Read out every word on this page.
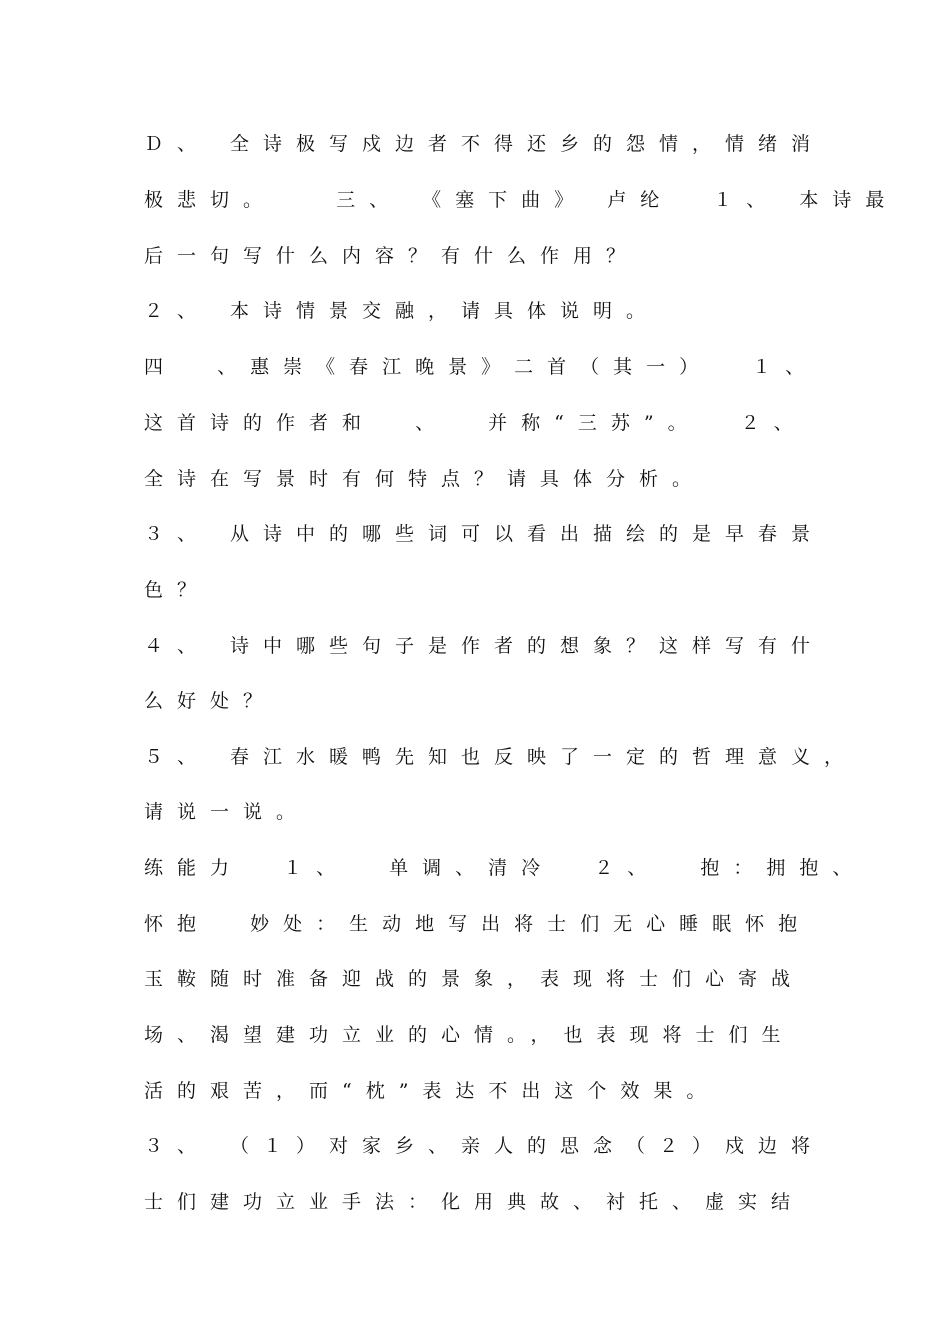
Ｄ、 全诗极写戍边者不得还乡的怨情，情绪消

极悲切。   三、 《塞下曲》 卢纶  １、 本诗最

后一句写什么内容？有什么作用？

２、 本诗情景交融，请具体说明。

四  、惠崇《春江晚景》二首（其一）  １、

这首诗的作者和  、  并称“三苏”。  ２、

全诗在写景时有何特点？请具体分析。

３、 从诗中的哪些词可以看出描绘的是早春景

色？

４、 诗中哪些句子是作者的想象？这样写有什

么好处？

５、 春江水暖鸭先知也反映了一定的哲理意义，

请说一说。

练能力  １、  单调、清冷  ２、  抱：拥抱、

怀抱  妙处：生动地写出将士们无心睡眠怀抱

玉鞍随时准备迎战的景象，表现将士们心寄战

场、渴望建功立业的心情。，也表现将士们生

活的艰苦，而“枕”表达不出这个效果。

３、 （１）对家乡、亲人的思念（２）戍边将

士们建功立业手法：化用典故、衬托、虚实结
